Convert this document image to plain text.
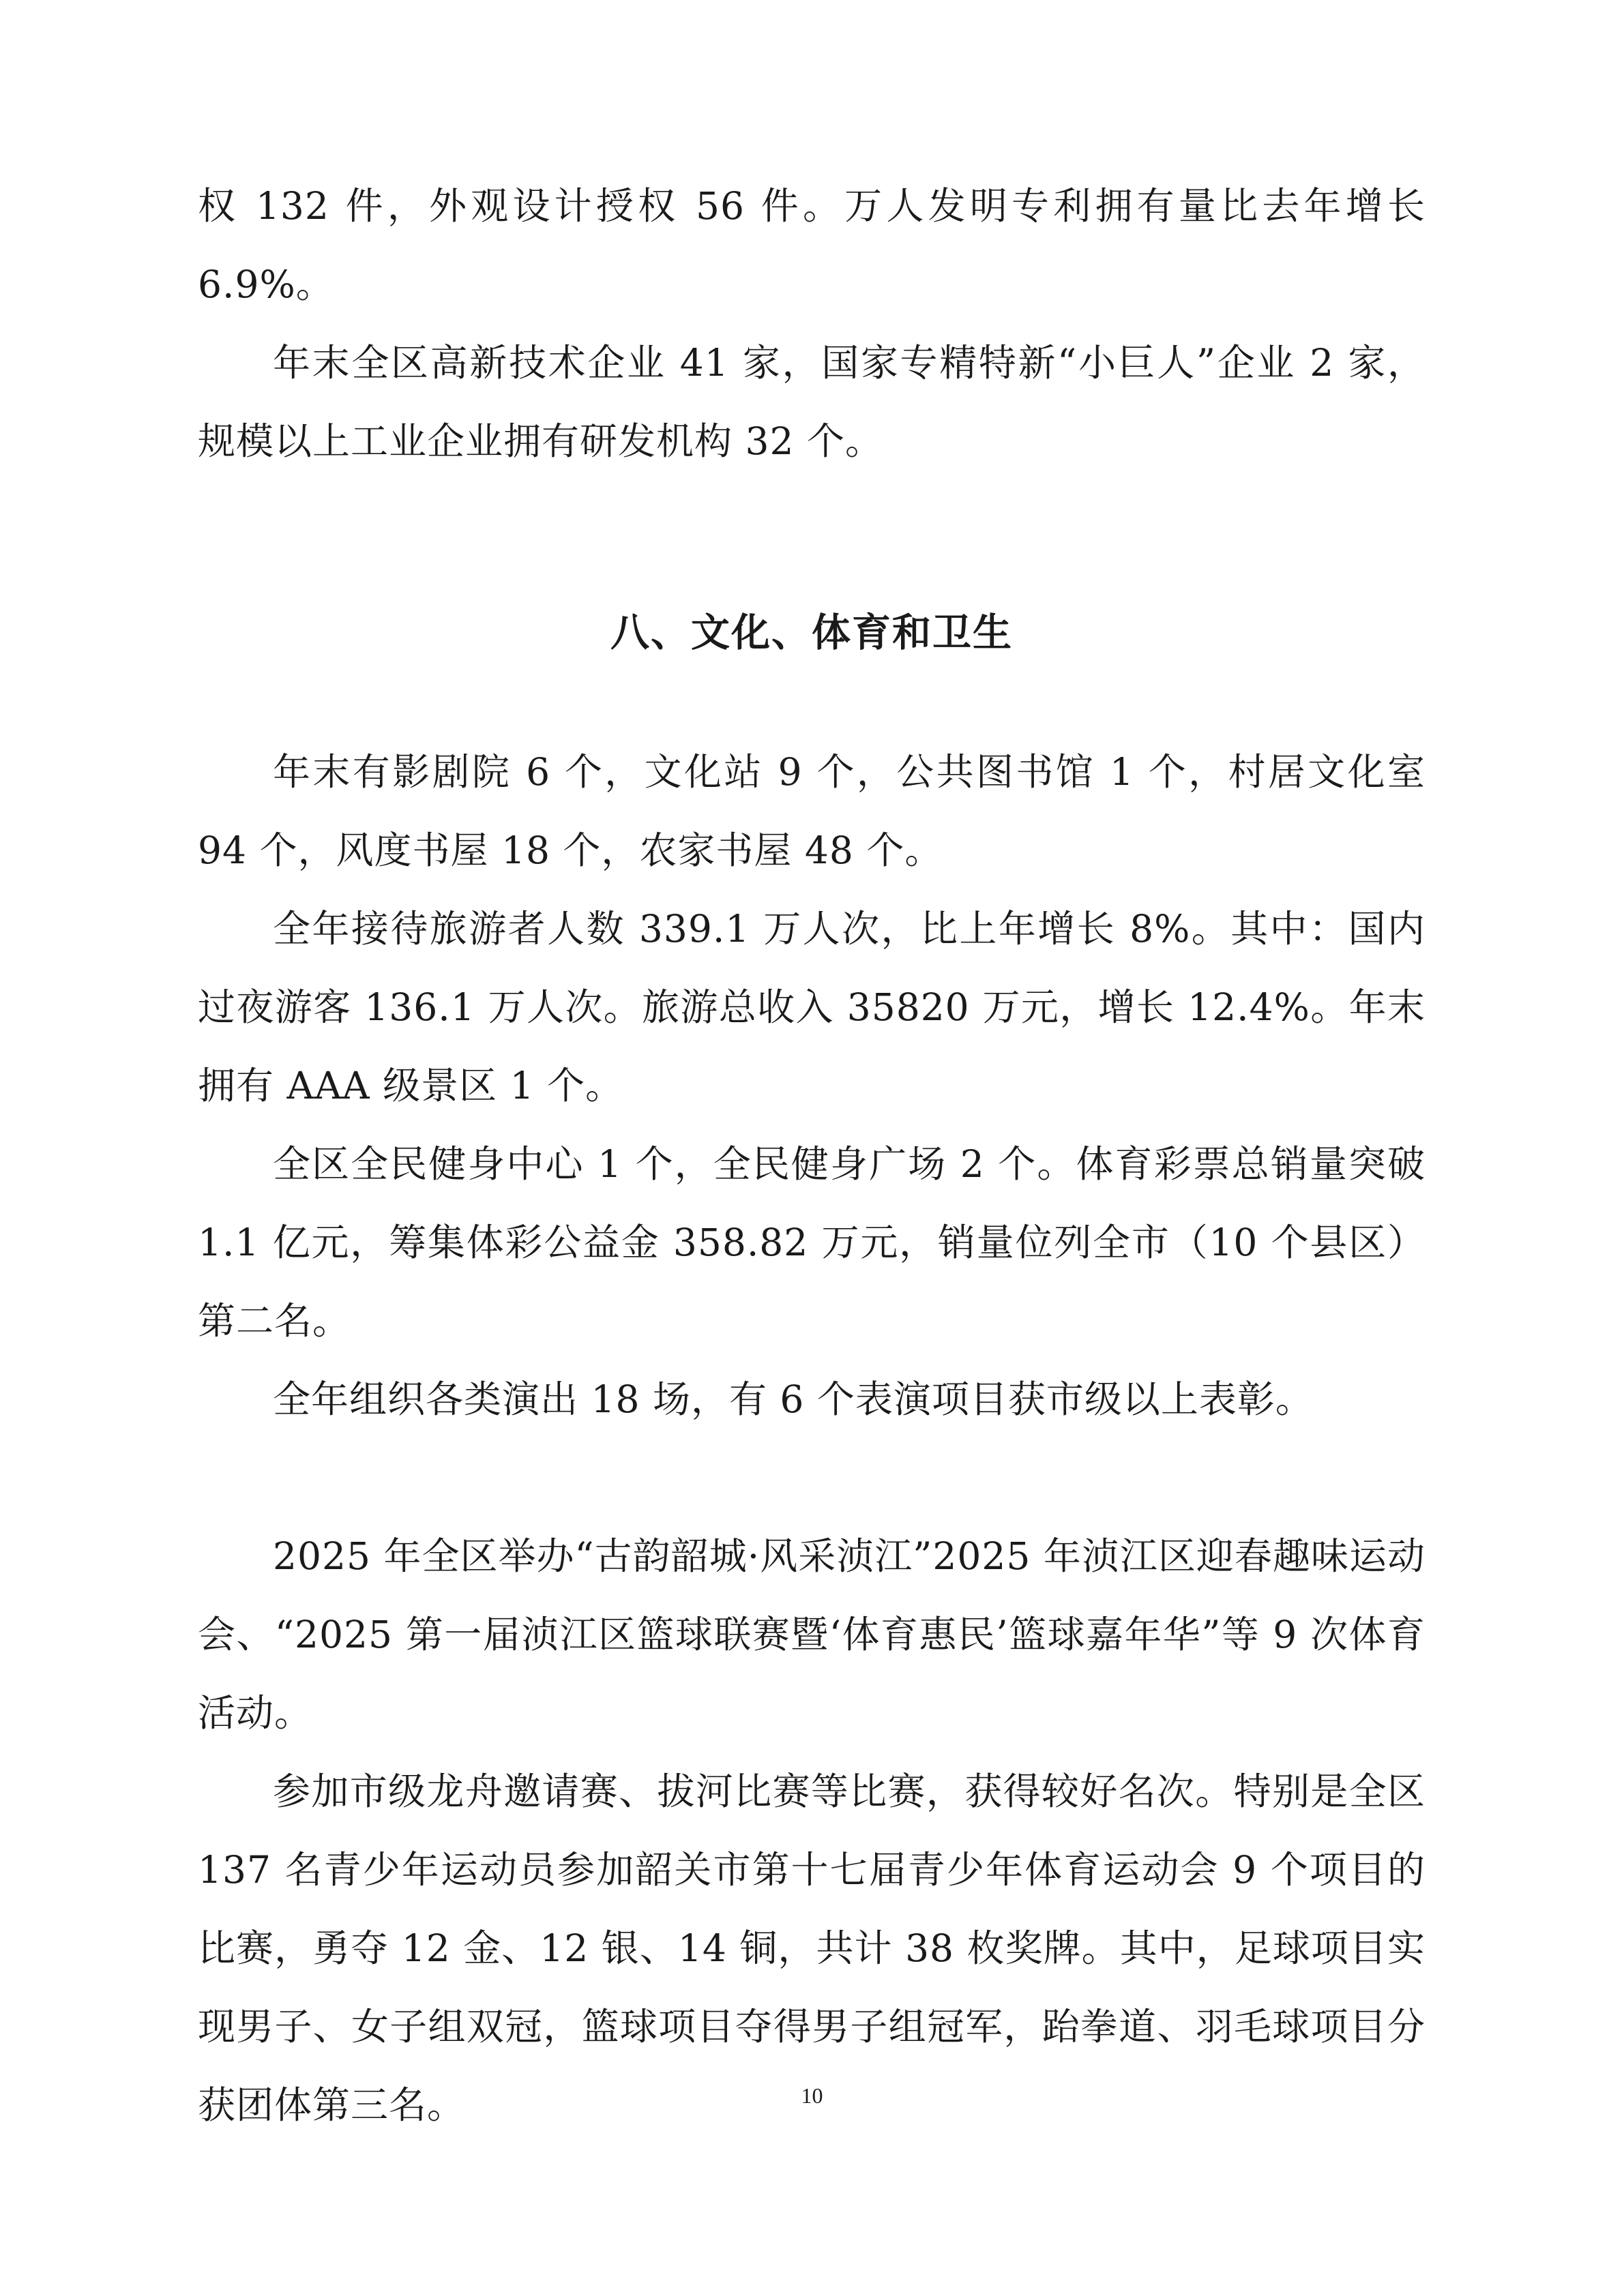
权 132 件，外观设计授权 56 件。万人发明专利拥有量比去年增长 6.9%。

年末全区高新技术企业 41 家，国家专精特新“小巨人”企业 2 家，规模以上工业企业拥有研发机构 32 个。

八、文化、体育和卫生

年末有影剧院 6 个，文化站 9 个，公共图书馆 1 个，村居文化室 94 个，风度书屋 18 个，农家书屋 48 个。

全年接待旅游者人数 339.1 万人次，比上年增长 8%。其中：国内过夜游客 136.1 万人次。旅游总收入 35820 万元，增长 12.4%。年末拥有 AAA 级景区 1 个。

全区全民健身中心 1 个，全民健身广场 2 个。体育彩票总销量突破 1.1 亿元，筹集体彩公益金 358.82 万元，销量位列全市（10 个县区）第二名。

全年组织各类演出 18 场，有 6 个表演项目获市级以上表彰。

2025 年全区举办“古韵韶城·风采浈江”2025 年浈江区迎春趣味运动会、“2025 第一届浈江区篮球联赛暨‘体育惠民’篮球嘉年华”等 9 次体育活动。

参加市级龙舟邀请赛、拔河比赛等比赛，获得较好名次。特别是全区 137 名青少年运动员参加韶关市第十七届青少年体育运动会 9 个项目的比赛，勇夺 12 金、12 银、14 铜，共计 38 枚奖牌。其中，足球项目实现男子、女子组双冠，篮球项目夺得男子组冠军，跆拳道、羽毛球项目分获团体第三名。	10
